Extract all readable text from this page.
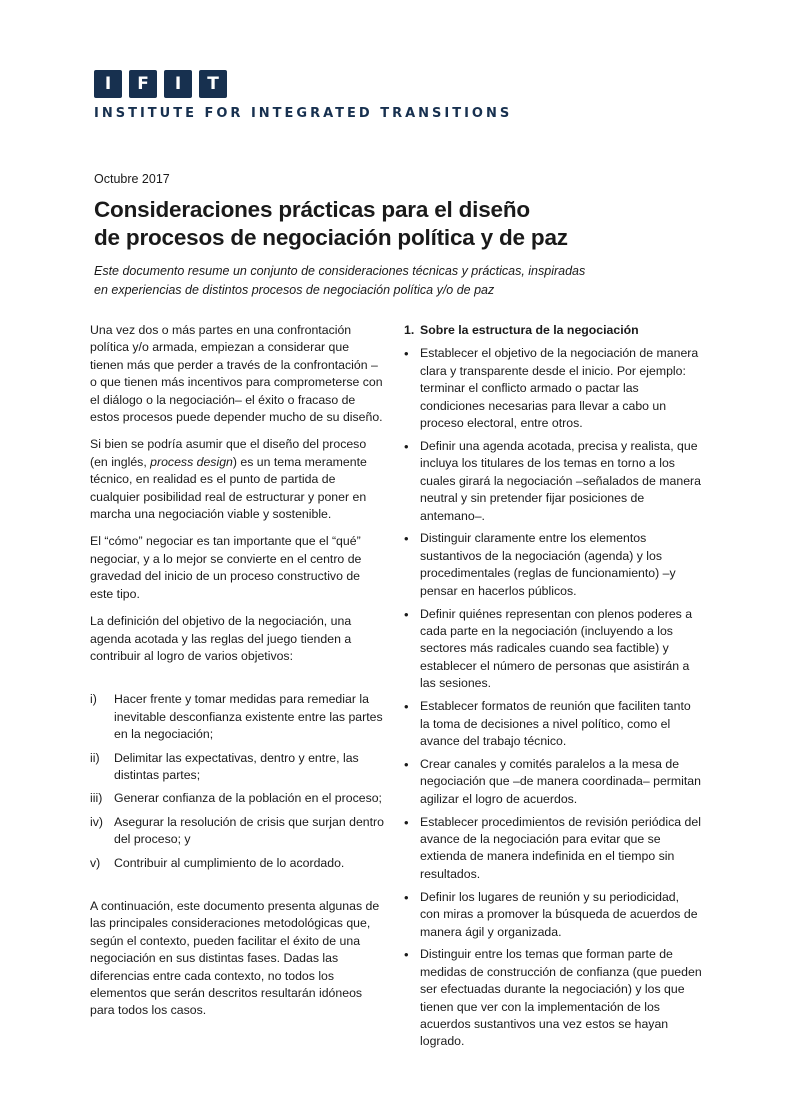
I	F	I	T
INSTITUTE FOR INTEGRATED TRANSITIONS
Octubre 2017
Consideraciones prácticas para el diseño
de procesos de negociación política y de paz

Este documento resume un conjunto de consideraciones técnicas y prácticas, inspiradas
en experiencias de distintos procesos de negociación política y/o de paz

Una vez dos o más partes en una confrontación política y/o armada, empiezan a considerar que tienen más que perder a través de la confrontación – o que tienen más incentivos para comprometerse con el diálogo o la negociación– el éxito o fracaso de estos procesos puede depender mucho de su diseño.

Si bien se podría asumir que el diseño del proceso (en inglés, process design) es un tema meramente técnico, en realidad es el punto de partida de cualquier posibilidad real de estructurar y poner en marcha una negociación viable y sostenible.

El “cómo” negociar es tan importante que el “qué” negociar, y a lo mejor se convierte en el centro de gravedad del inicio de un proceso constructivo de este tipo.

La definición del objetivo de la negociación, una agenda acotada y las reglas del juego tienden a contribuir al logro de varios objetivos:

i)	Hacer frente y tomar medidas para remediar la inevitable desconfianza existente entre las partes en la negociación;
ii)	Delimitar las expectativas, dentro y entre, las distintas partes;
iii) Generar confianza de la población en el proceso;
iv) Asegurar la resolución de crisis que surjan dentro del proceso; y
v)	Contribuir al cumplimiento de lo acordado.

A continuación, este documento presenta algunas de las principales consideraciones metodológicas que, según el contexto, pueden facilitar el éxito de una negociación en sus distintas fases. Dadas las diferencias entre cada contexto, no todos los elementos que serán descritos resultarán idóneos para todos los casos.

1. Sobre la estructura de la negociación
• Establecer el objetivo de la negociación de manera clara y transparente desde el inicio. Por ejemplo: terminar el conflicto armado o pactar las condiciones necesarias para llevar a cabo un proceso electoral, entre otros.
• Definir una agenda acotada, precisa y realista, que incluya los titulares de los temas en torno a los cuales girará la negociación –señalados de manera neutral y sin pretender fijar posiciones de antemano–.
• Distinguir claramente entre los elementos sustantivos de la negociación (agenda) y los procedimentales (reglas de funcionamiento) –y pensar en hacerlos públicos.
• Definir quiénes representan con plenos poderes a cada parte en la negociación (incluyendo a los sectores más radicales cuando sea factible) y establecer el número de personas que asistirán a las sesiones.
• Establecer formatos de reunión que faciliten tanto la toma de decisiones a nivel político, como el avance del trabajo técnico.
• Crear canales y comités paralelos a la mesa de negociación que –de manera coordinada– permitan agilizar el logro de acuerdos.
• Establecer procedimientos de revisión periódica del avance de la negociación para evitar que se extienda de manera indefinida en el tiempo sin resultados.
• Definir los lugares de reunión y su periodicidad, con miras a promover la búsqueda de acuerdos de manera ágil y organizada.
• Distinguir entre los temas que forman parte de medidas de construcción de confianza (que pueden ser efectuadas durante la negociación) y los que tienen que ver con la implementación de los acuerdos sustantivos una vez estos se hayan logrado.
